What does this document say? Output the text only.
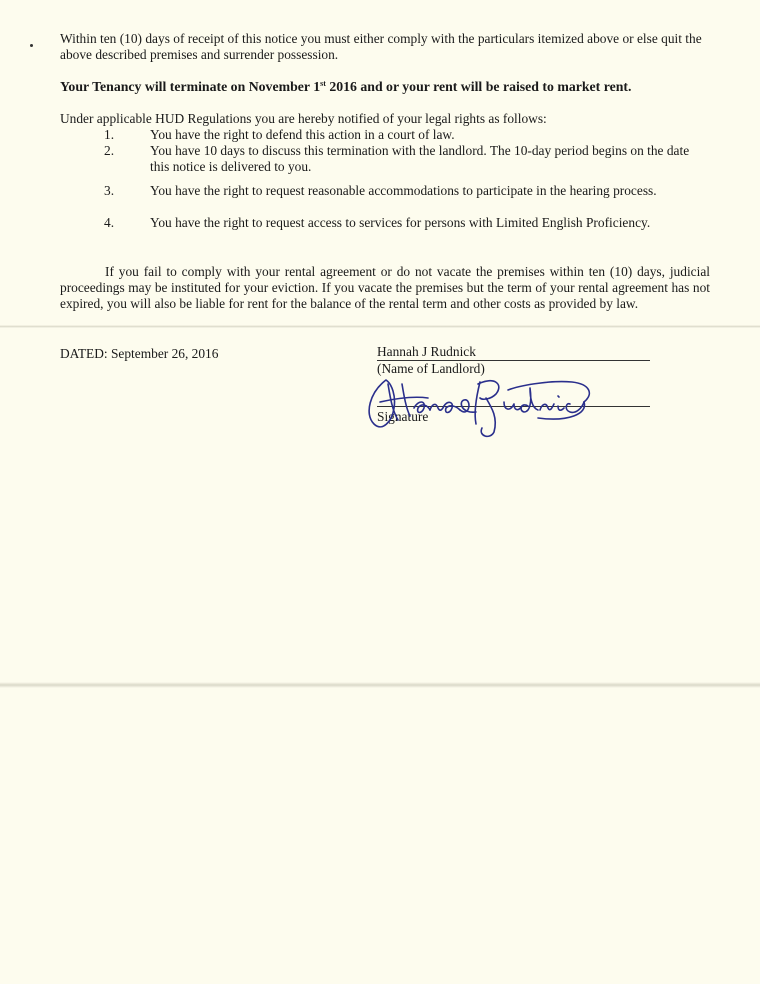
Within ten (10) days of receipt of this notice you must either comply with the particulars itemized above or else quit the above described premises and surrender possession.

Your Tenancy will terminate on November 1st 2016 and or your rent will be raised to market rent.

Under applicable HUD Regulations you are hereby notified of your legal rights as follows:

1.	You have the right to defend this action in a court of law.
2.	You have 10 days to discuss this termination with the landlord. The 10-day period begins on the date this notice is delivered to you.
3.	You have the right to request reasonable accommodations to participate in the hearing process.
4.	You have the right to request access to services for persons with Limited English Proficiency.

If you fail to comply with your rental agreement or do not vacate the premises within ten (10) days, judicial proceedings may be instituted for your eviction. If you vacate the premises but the term of your rental agreement has not expired, you will also be liable for rent for the balance of the rental term and other costs as provided by law.

DATED: September 26, 2016	Hannah J Rudnick
(Name of Landlord)
Signature
